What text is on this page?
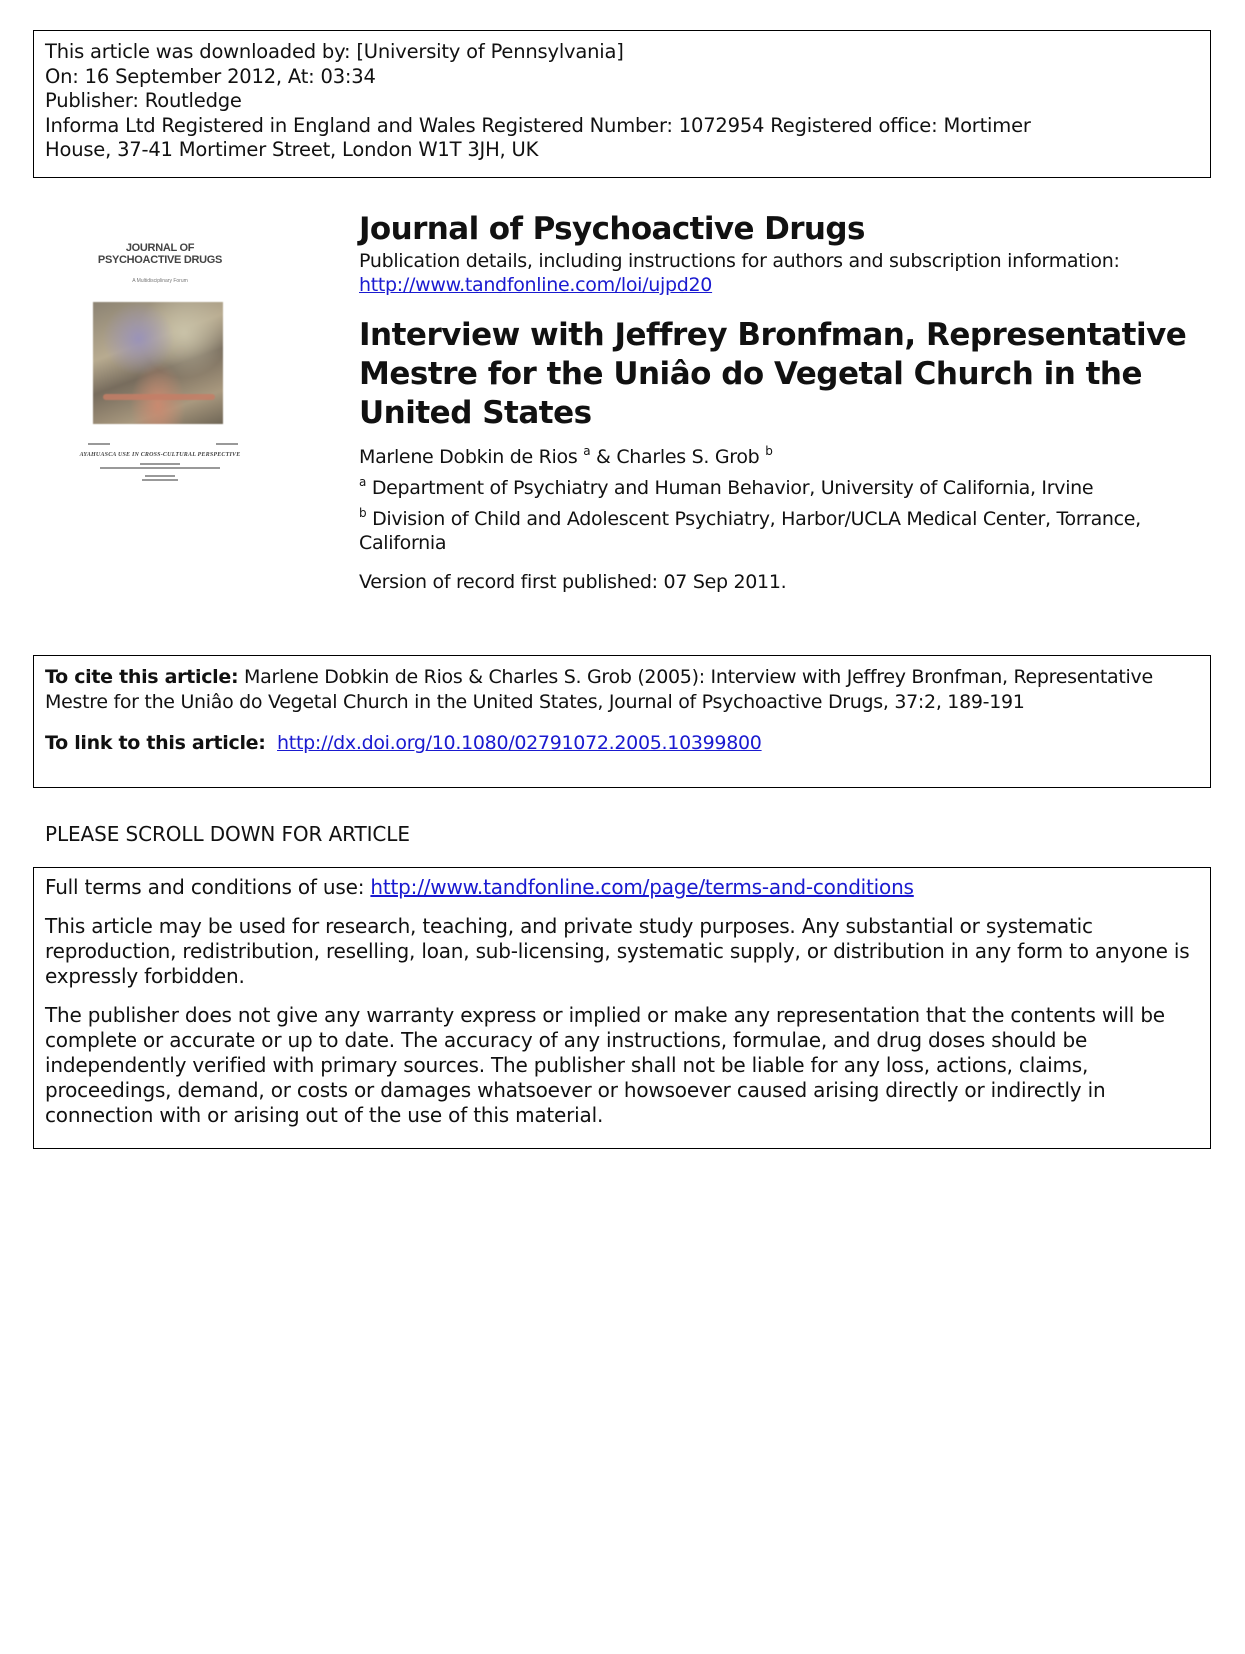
This article was downloaded by: [University of Pennsylvania]
On: 16 September 2012, At: 03:34
Publisher: Routledge
Informa Ltd Registered in England and Wales Registered Number: 1072954 Registered office: Mortimer
House, 37-41 Mortimer Street, London W1T 3JH, UK
JOURNAL OF
PSYCHOACTIVE DRUGS
A Multidisciplinary Forum
AYAHUASCA USE IN CROSS-CULTURAL PERSPECTIVE
Journal of Psychoactive Drugs
Publication details, including instructions for authors and subscription information:
http://www.tandfonline.com/loi/ujpd20
Interview with Jeffrey Bronfman, Representative Mestre for the Uniâo do Vegetal Church in the United States
Marlene Dobkin de Rios $^a$ & Charles S. Grob $^b$
$^a$ Department of Psychiatry and Human Behavior, University of California, Irvine
$^b$ Division of Child and Adolescent Psychiatry, Harbor/UCLA Medical Center, Torrance, California
Version of record first published: 07 Sep 2011.
To cite this article: Marlene Dobkin de Rios & Charles S. Grob (2005): Interview with Jeffrey Bronfman, Representative Mestre for the Uniâo do Vegetal Church in the United States, Journal of Psychoactive Drugs, 37:2, 189-191
To link to this article: http://dx.doi.org/10.1080/02791072.2005.10399800
PLEASE SCROLL DOWN FOR ARTICLE

Full terms and conditions of use: http://www.tandfonline.com/page/terms-and-conditions

This article may be used for research, teaching, and private study purposes. Any substantial or systematic reproduction, redistribution, reselling, loan, sub-licensing, systematic supply, or distribution in any form to anyone is expressly forbidden.

The publisher does not give any warranty express or implied or make any representation that the contents will be complete or accurate or up to date. The accuracy of any instructions, formulae, and drug doses should be independently verified with primary sources. The publisher shall not be liable for any loss, actions, claims, proceedings, demand, or costs or damages whatsoever or howsoever caused arising directly or indirectly in connection with or arising out of the use of this material.
